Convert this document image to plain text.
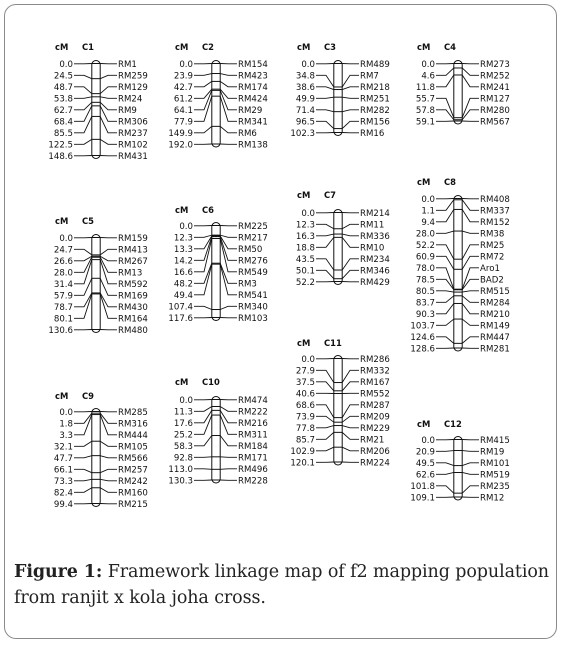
cM C1
0.0	RM1
24.5	RM259
48.7	RM129
53.8	RM24
62.7	RM9
68.4	RM306
85.5	RM237
122.5	RM102
148.6	RM431
cM C2
0.0	RM154
23.9	RM423
42.7	RM174
61.2	RM424
64.1	RM29
77.9	RM341
149.9	RM6
192.0	RM138
cM C3
0.0	RM489
34.8	RM7
38.6	RM218
49.9	RM251
71.4	RM282
96.5	RM156
102.3	RM16
cM C4
0.0	RM273
4.6	RM252
11.8	RM241
55.7	RM127
57.8	RM280
59.1	RM567
cM C5
0.0	RM159
24.7	RM413
26.6	RM267
28.0	RM13
31.4	RM592
57.9	RM169
78.7	RM430
80.1	RM164
130.6	RM480
cM C6
0.0	RM225
12.3	RM217
13.3	RM50
14.2	RM276
16.6	RM549
48.2	RM3
49.4	RM541
107.4	RM340
117.6	RM103
cM C7
0.0	RM214
12.3	RM11
16.3	RM336
18.8	RM10
43.5	RM234
50.1	RM346
52.2	RM429
cM C8
0.0	RM408
1.1	RM337
9.4	RM152
28.0	RM38
52.2	RM25
60.9	RM72
78.0	Aro1
78.5	BAD2
80.5	RM515
83.7	RM284
90.3	RM210
103.7	RM149
124.6	RM447
128.6	RM281
cM C9
0.0	RM285
1.8	RM316
3.3	RM444
32.1	RM105
47.7	RM566
66.1	RM257
73.3	RM242
82.4	RM160
99.4	RM215
cM C10
0.0	RM474
11.3	RM222
17.6	RM216
25.2	RM311
58.3	RM184
92.8	RM171
113.0	RM496
130.3	RM228
cM C11
0.0	RM286
27.9	RM332
37.5	RM167
40.6	RM552
68.6	RM287
73.9	RM209
77.8	RM229
85.7	RM21
102.9	RM206
120.1	RM224
cM C12
0.0	RM415
20.9	RM19
49.5	RM101
62.6	RM519
101.8	RM235
109.1	RM12
Figure 1: Framework linkage map of f2 mapping population from ranjit x kola joha cross.
